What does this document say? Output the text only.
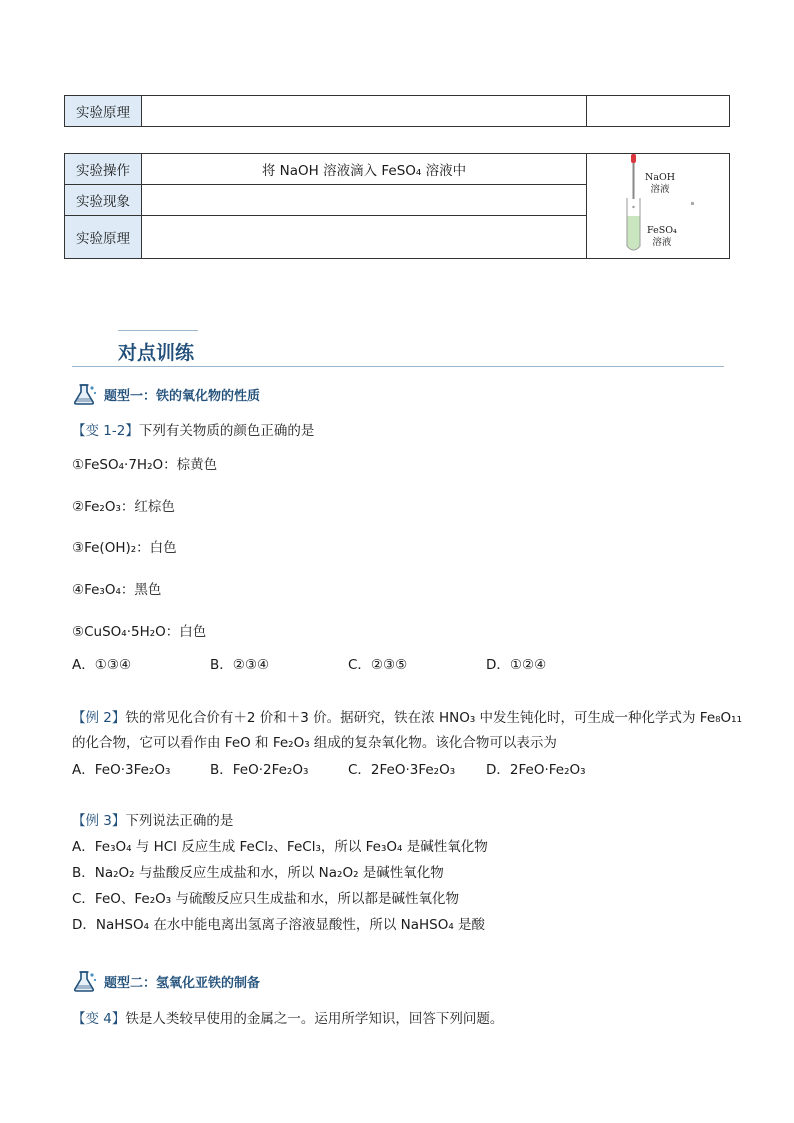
实验原理		
实验操作	将 NaOH 溶液滴入 FeSO₄ 溶液中	NaOH
溶液
FeSO₄
溶液

实验现象		
实验原理		
对点训练
题型一：铁的氧化物的性质
【变 1-2】下列有关物质的颜色正确的是
①FeSO₄·7H₂O：棕黄色
②Fe₂O₃：红棕色
③Fe(OH)₂：白色
④Fe₃O₄：黑色
⑤CuSO₄·5H₂O：白色
A．①③④	B．②③④	C．②③⑤	D．①②④
【例 2】铁的常见化合价有＋2 价和＋3 价。据研究，铁在浓 HNO₃ 中发生钝化时，可生成一种化学式为 Fe₈O₁₁
的化合物，它可以看作由 FeO 和 Fe₂O₃ 组成的复杂氧化物。该化合物可以表示为
A．FeO·3Fe₂O₃	B．FeO·2Fe₂O₃	C．2FeO·3Fe₂O₃ D．2FeO·Fe₂O₃
【例 3】下列说法正确的是
A．Fe₃O₄ 与 HCl 反应生成 FeCl₂、FeCl₃，所以 Fe₃O₄ 是碱性氧化物
B．Na₂O₂ 与盐酸反应生成盐和水，所以 Na₂O₂ 是碱性氧化物
C．FeO、Fe₂O₃ 与硫酸反应只生成盐和水，所以都是碱性氧化物
D．NaHSO₄ 在水中能电离出氢离子溶液显酸性，所以 NaHSO₄ 是酸
题型二：氢氧化亚铁的制备
【变 4】铁是人类较早使用的金属之一。运用所学知识，回答下列问题。
